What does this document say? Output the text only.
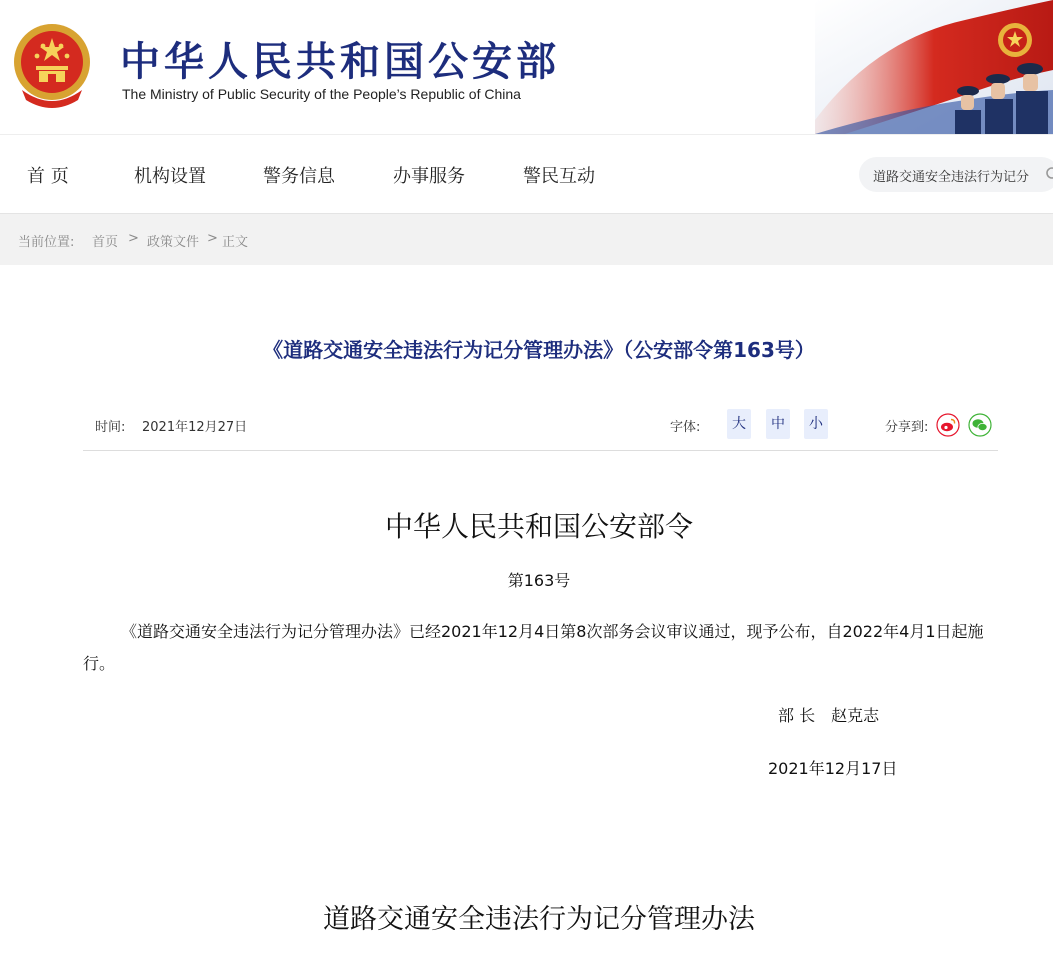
中华人民共和国公安部
The Ministry of Public Security of the People’s Republic of China
首 页	机构设置	警务信息	办事服务	警民互动
道路交通安全违法行为记分
当前位置: 首页 > 政策文件 > 正文
《道路交通安全违法行为记分管理办法》（公安部令第163号）
时间: 2021年12月27日	字体:	大	中	小	分享到:
中华人民共和国公安部令
第163号
《道路交通安全违法行为记分管理办法》已经2021年12月4日第8次部务会议审议通过，现予公布，自2022年4月1日起施行。
部 长　赵克志
2021年12月17日
道路交通安全违法行为记分管理办法
